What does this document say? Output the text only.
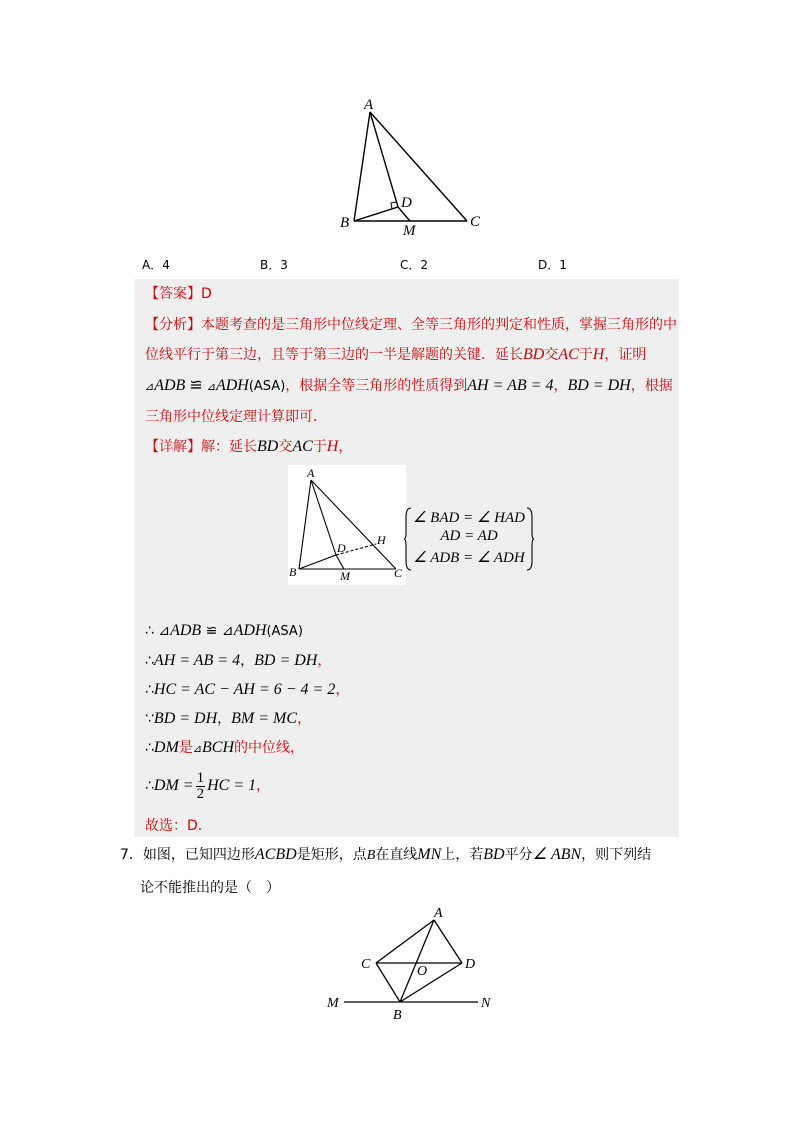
A
B	M
C
D
A．4	B．3	C．2	D．1
【答案】D
【分析】本题考查的是三角形中位线定理、全等三角形的判定和性质，掌握三角形的中
位线平行于第三边，且等于第三边的一半是解题的关键．延长BD交AC于H，证明
⊿ADB ≌ ⊿ADH(ASA)，根据全等三角形的性质得到AH = AB = 4，BD = DH，根据
三角形中位线定理计算即可．
【详解】解：延长BD交AC于H，
A
B	M	C
D
H
∠ BAD = ∠ HAD
AD = AD
∠ ADB = ∠ ADH
∴ ⊿ADB ≌ ⊿ADH(ASA)
∴AH = AB = 4，BD = DH，
∴HC = AC − AH = 6 − 4 = 2，
∵BD = DH，BM = MC，
∴DM是⊿BCH的中位线，
∴DM = $\frac{1}{2}$ HC = 1，
故选：D．
7．如图，已知四边形ACBD是矩形，点B在直线MN上，若BD平分∠ ABN，则下列结
论不能推出的是（　）
A
C	O	D
M
B
N
